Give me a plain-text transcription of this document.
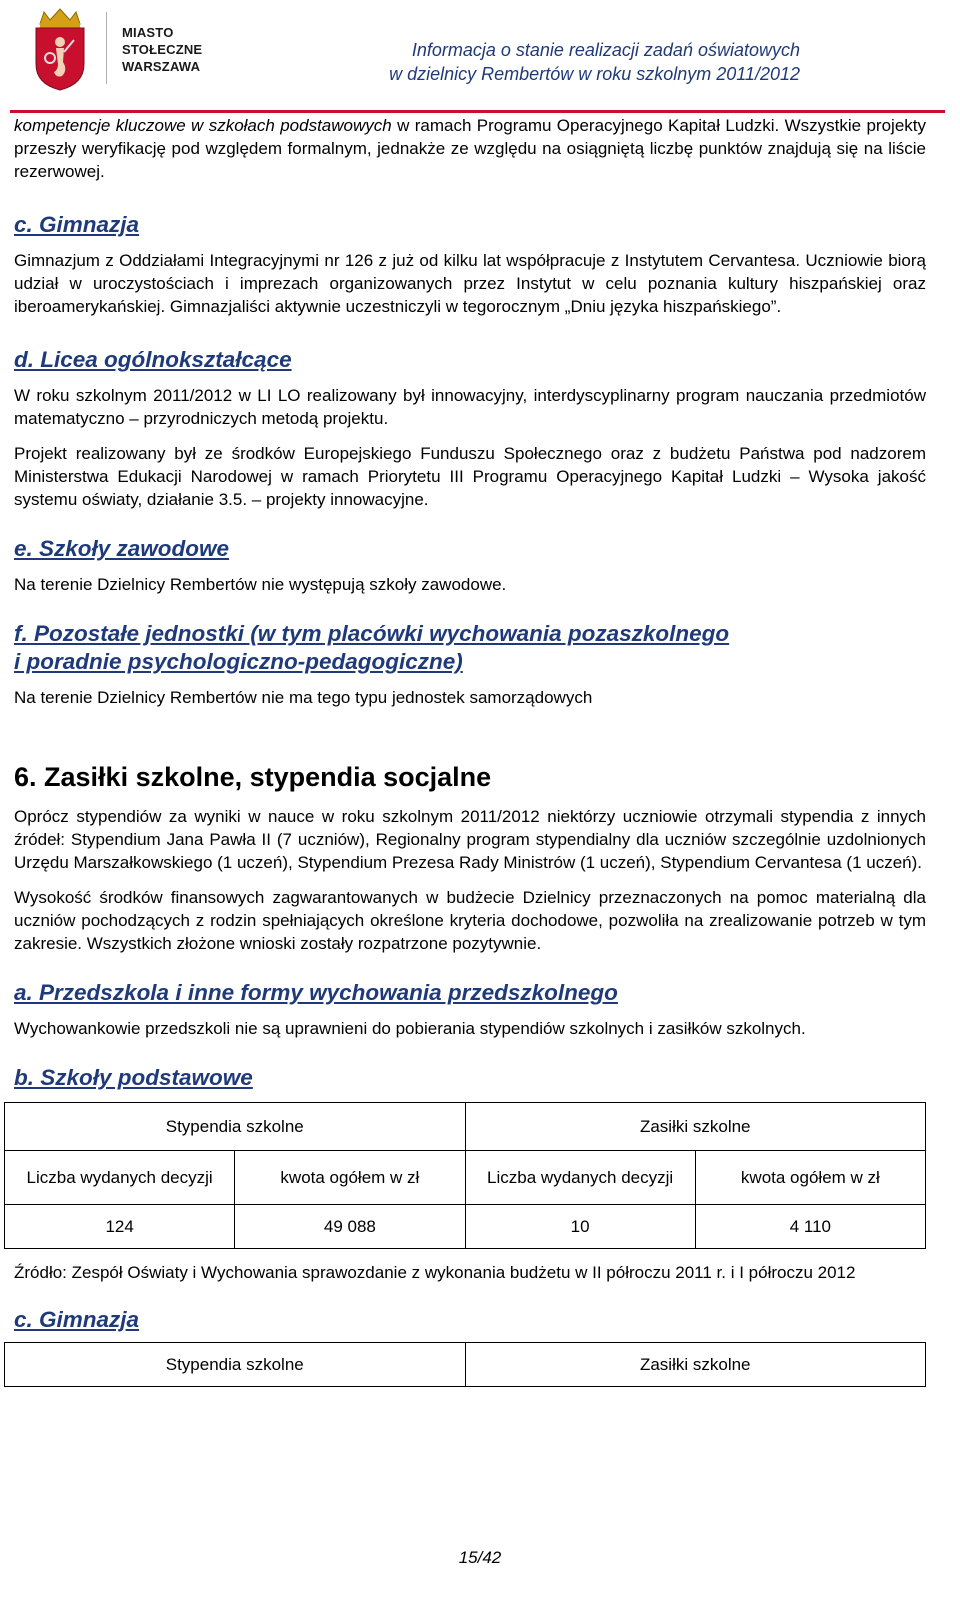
MIASTO
STOŁECZNE
WARSZAWA
Informacja o stanie realizacji zadań oświatowych
w dzielnicy Rembertów w roku szkolnym 2011/2012

kompetencje kluczowe w szkołach podstawowych w ramach Programu Operacyjnego Kapitał Ludzki. Wszystkie projekty przeszły weryfikację pod względem formalnym, jednakże ze względu na osiągniętą liczbę punktów znajdują się na liście rezerwowej.

c. Gimnazja

Gimnazjum z Oddziałami Integracyjnymi nr 126 z już od kilku lat współpracuje z Instytutem Cervantesa. Uczniowie biorą udział w uroczystościach i imprezach organizowanych przez Instytut w celu poznania kultury hiszpańskiej oraz iberoamerykańskiej. Gimnazjaliści aktywnie uczestniczyli w tegorocznym „Dniu języka hiszpańskiego”.

d. Licea ogólnokształcące

W roku szkolnym 2011/2012 w LI LO realizowany był innowacyjny, interdyscyplinarny program nauczania przedmiotów matematyczno – przyrodniczych metodą projektu.

Projekt realizowany był ze środków Europejskiego Funduszu Społecznego oraz z budżetu Państwa pod nadzorem Ministerstwa Edukacji Narodowej w ramach Priorytetu III Programu Operacyjnego Kapitał Ludzki – Wysoka jakość systemu oświaty, działanie 3.5. – projekty innowacyjne.

e. Szkoły zawodowe

Na terenie Dzielnicy Rembertów nie występują szkoły zawodowe.

f. Pozostałe jednostki (w tym placówki wychowania pozaszkolnego
i poradnie psychologiczno-pedagogiczne)

Na terenie Dzielnicy Rembertów nie ma tego typu jednostek samorządowych

6. Zasiłki szkolne, stypendia socjalne

Oprócz stypendiów za wyniki w nauce w roku szkolnym 2011/2012 niektórzy uczniowie otrzymali stypendia z innych źródeł: Stypendium Jana Pawła II (7 uczniów), Regionalny program stypendialny dla uczniów szczególnie uzdolnionych Urzędu Marszałkowskiego (1 uczeń), Stypendium Prezesa Rady Ministrów (1 uczeń), Stypendium Cervantesa (1 uczeń).

Wysokość środków finansowych zagwarantowanych w budżecie Dzielnicy przeznaczonych na pomoc materialną dla uczniów pochodzących z rodzin spełniających określone kryteria dochodowe, pozwoliła na zrealizowanie potrzeb w tym zakresie. Wszystkich złożone wnioski zostały rozpatrzone pozytywnie.

a. Przedszkola i inne formy wychowania przedszkolnego

Wychowankowie przedszkoli nie są uprawnieni do pobierania stypendiów szkolnych i zasiłków szkolnych.

b. Szkoły podstawowe
Stypendia szkolne		Zasiłki szkolne	
Liczba wydanych decyzji	kwota ogółem w zł	Liczba wydanych decyzji	kwota ogółem w zł
124	49 088	10	4 110

Źródło: Zespół Oświaty i Wychowania sprawozdanie z wykonania budżetu w II półroczu 2011 r. i I półroczu 2012

c. Gimnazja
Stypendia szkolne	Zasiłki szkolne
15/42
